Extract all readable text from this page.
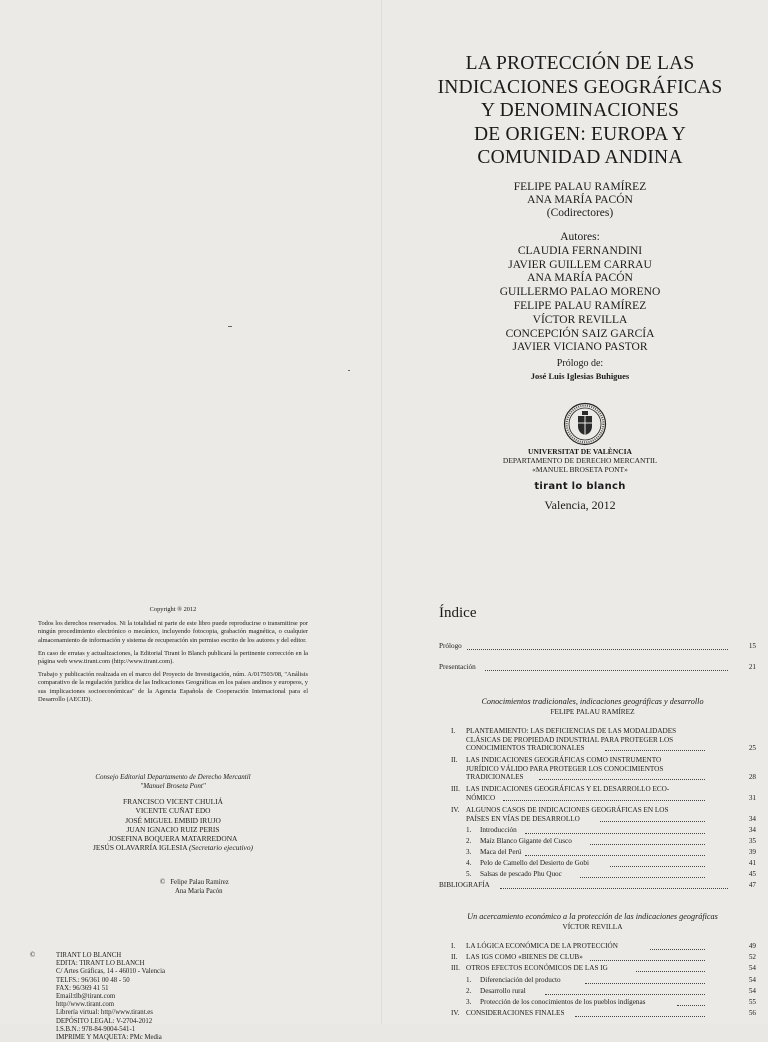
LA PROTECCIÓN DE LAS
INDICACIONES GEOGRÁFICAS
Y DENOMINACIONES
DE ORIGEN: EUROPA Y
COMUNIDAD ANDINA
FELIPE PALAU RAMÍREZ
ANA MARÍA PACÓN
(Codirectores)
Autores:
CLAUDIA FERNANDINI
JAVIER GUILLEM CARRAU
ANA MARÍA PACÓN
GUILLERMO PALAO MORENO
FELIPE PALAU RAMÍREZ
VÍCTOR REVILLA
CONCEPCIÓN SAIZ GARCÍA
JAVIER VICIANO PASTOR
Prólogo de:
José Luis Iglesias Buhigues
UNIVERSITAT DE VALÈNCIA
DEPARTAMENTO DE DERECHO MERCANTIL
«MANUEL BROSETA PONT»
tirant lo blanch
Valencia, 2012
Copyright ® 2012

Todos los derechos reservados. Ni la totalidad ni parte de este libro puede reproducirse o transmitirse por ningún procedimiento electrónico o mecánico, incluyendo fotocopia, grabación magnética, o cualquier almacenamiento de información y sistema de recuperación sin permiso escrito de los autores y del editor.

En caso de erratas y actualizaciones, la Editorial Tirant lo Blanch publicará la pertinente corrección en la página web www.tirant.com (http://www.tirant.com).

Trabajo y publicación realizada en el marco del Proyecto de Investigación, núm. A/017503/08, "Análisis comparativo de la regulación jurídica de las Indicaciones Geográficas en los países andinos y europeos, y sus implicaciones socioeconómicas" de la Agencia Española de Cooperación Internacional para el Desarrollo (AECID).

Consejo Editorial Departamento de Derecho Mercantil
"Manuel Broseta Pont"
FRANCISCO VICENT CHULIÁ
VICENTE CUÑAT EDO
JOSÉ MIGUEL EMBID IRUJO
JUAN IGNACIO RUIZ PERIS
JOSEFINA BOQUERA MATARREDONA
JESÚS OLAVARRÍA IGLESIA (Secretario ejecutivo)
© Felipe Palau Ramírez
Ana María Pacón
©	TIRANT LO BLANCH
EDITA: TIRANT LO BLANCH
C/ Artes Gráficas, 14 - 46010 - Valencia
TELFS.: 96/361 00 48 - 50
FAX: 96/369 41 51
Email:tlb@tirant.com
http//www.tirant.com
Librería virtual: http//www.tirant.es
DEPÓSITO LEGAL: V-2704-2012
I.S.B.N.: 978-84-9004-541-1
IMPRIME Y MAQUETA: PMc Media
Índice
Prólogo	15
Presentación	21
Conocimientos tradicionales, indicaciones geográficas y desarrollo
FELIPE PALAU RAMÍREZ
I. PLANTEAMIENTO: LAS DEFICIENCIAS DE LAS MODALIDADES
CLÁSICAS DE PROPIEDAD INDUSTRIAL PARA PROTEGER LOS
CONOCIMIENTOS TRADICIONALES	25
II. LAS INDICACIONES GEOGRÁFICAS COMO INSTRUMENTO
JURÍDICO VÁLIDO PARA PROTEGER LOS CONOCIMIENTOS
TRADICIONALES	28
III. LAS INDICACIONES GEOGRÁFICAS Y EL DESARROLLO ECO-
NÓMICO	31
IV. ALGUNOS CASOS DE INDICACIONES GEOGRÁFICAS EN LOS
PAÍSES EN VÍAS DE DESARROLLO	34
1. Introducción	34
2. Maíz Blanco Gigante del Cusco	35
3. Maca del Perú	39
4. Pelo de Camello del Desierto de Gobi	41
5. Salsas de pescado Phu Quoc	45
BIBLIOGRAFÍA	47
Un acercamiento económico a la protección de las indicaciones geográficas
VÍCTOR REVILLA
I. LA LÓGICA ECONÓMICA DE LA PROTECCIÓN	49
II. LAS IGS COMO «BIENES DE CLUB»	52
III. OTROS EFECTOS ECONÓMICOS DE LAS IG	54
1. Diferenciación del producto	54
2. Desarrollo rural	54
3. Protección de los conocimientos de los pueblos indígenas	55
IV. CONSIDERACIONES FINALES	56
